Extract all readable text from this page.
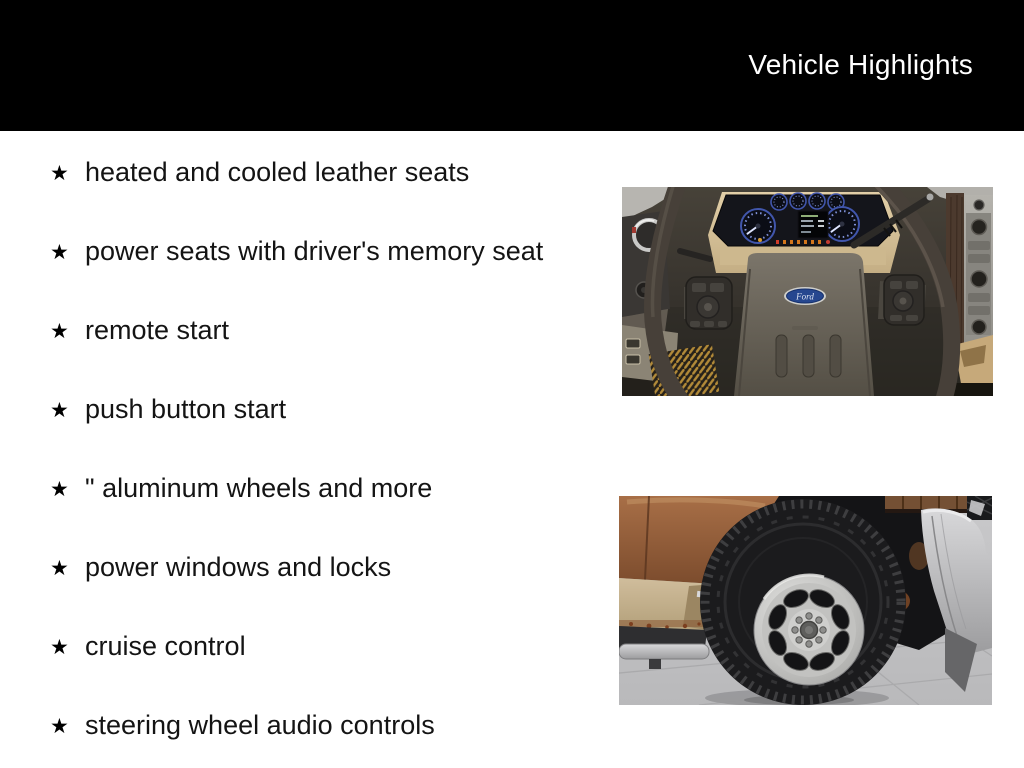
Vehicle Highlights
★ heated and cooled leather seats
★ power seats with driver's memory seat
★ remote start
★ push button start
★ " aluminum wheels and more
★ power windows and locks
★ cruise control
★ steering wheel audio controls
Ford
